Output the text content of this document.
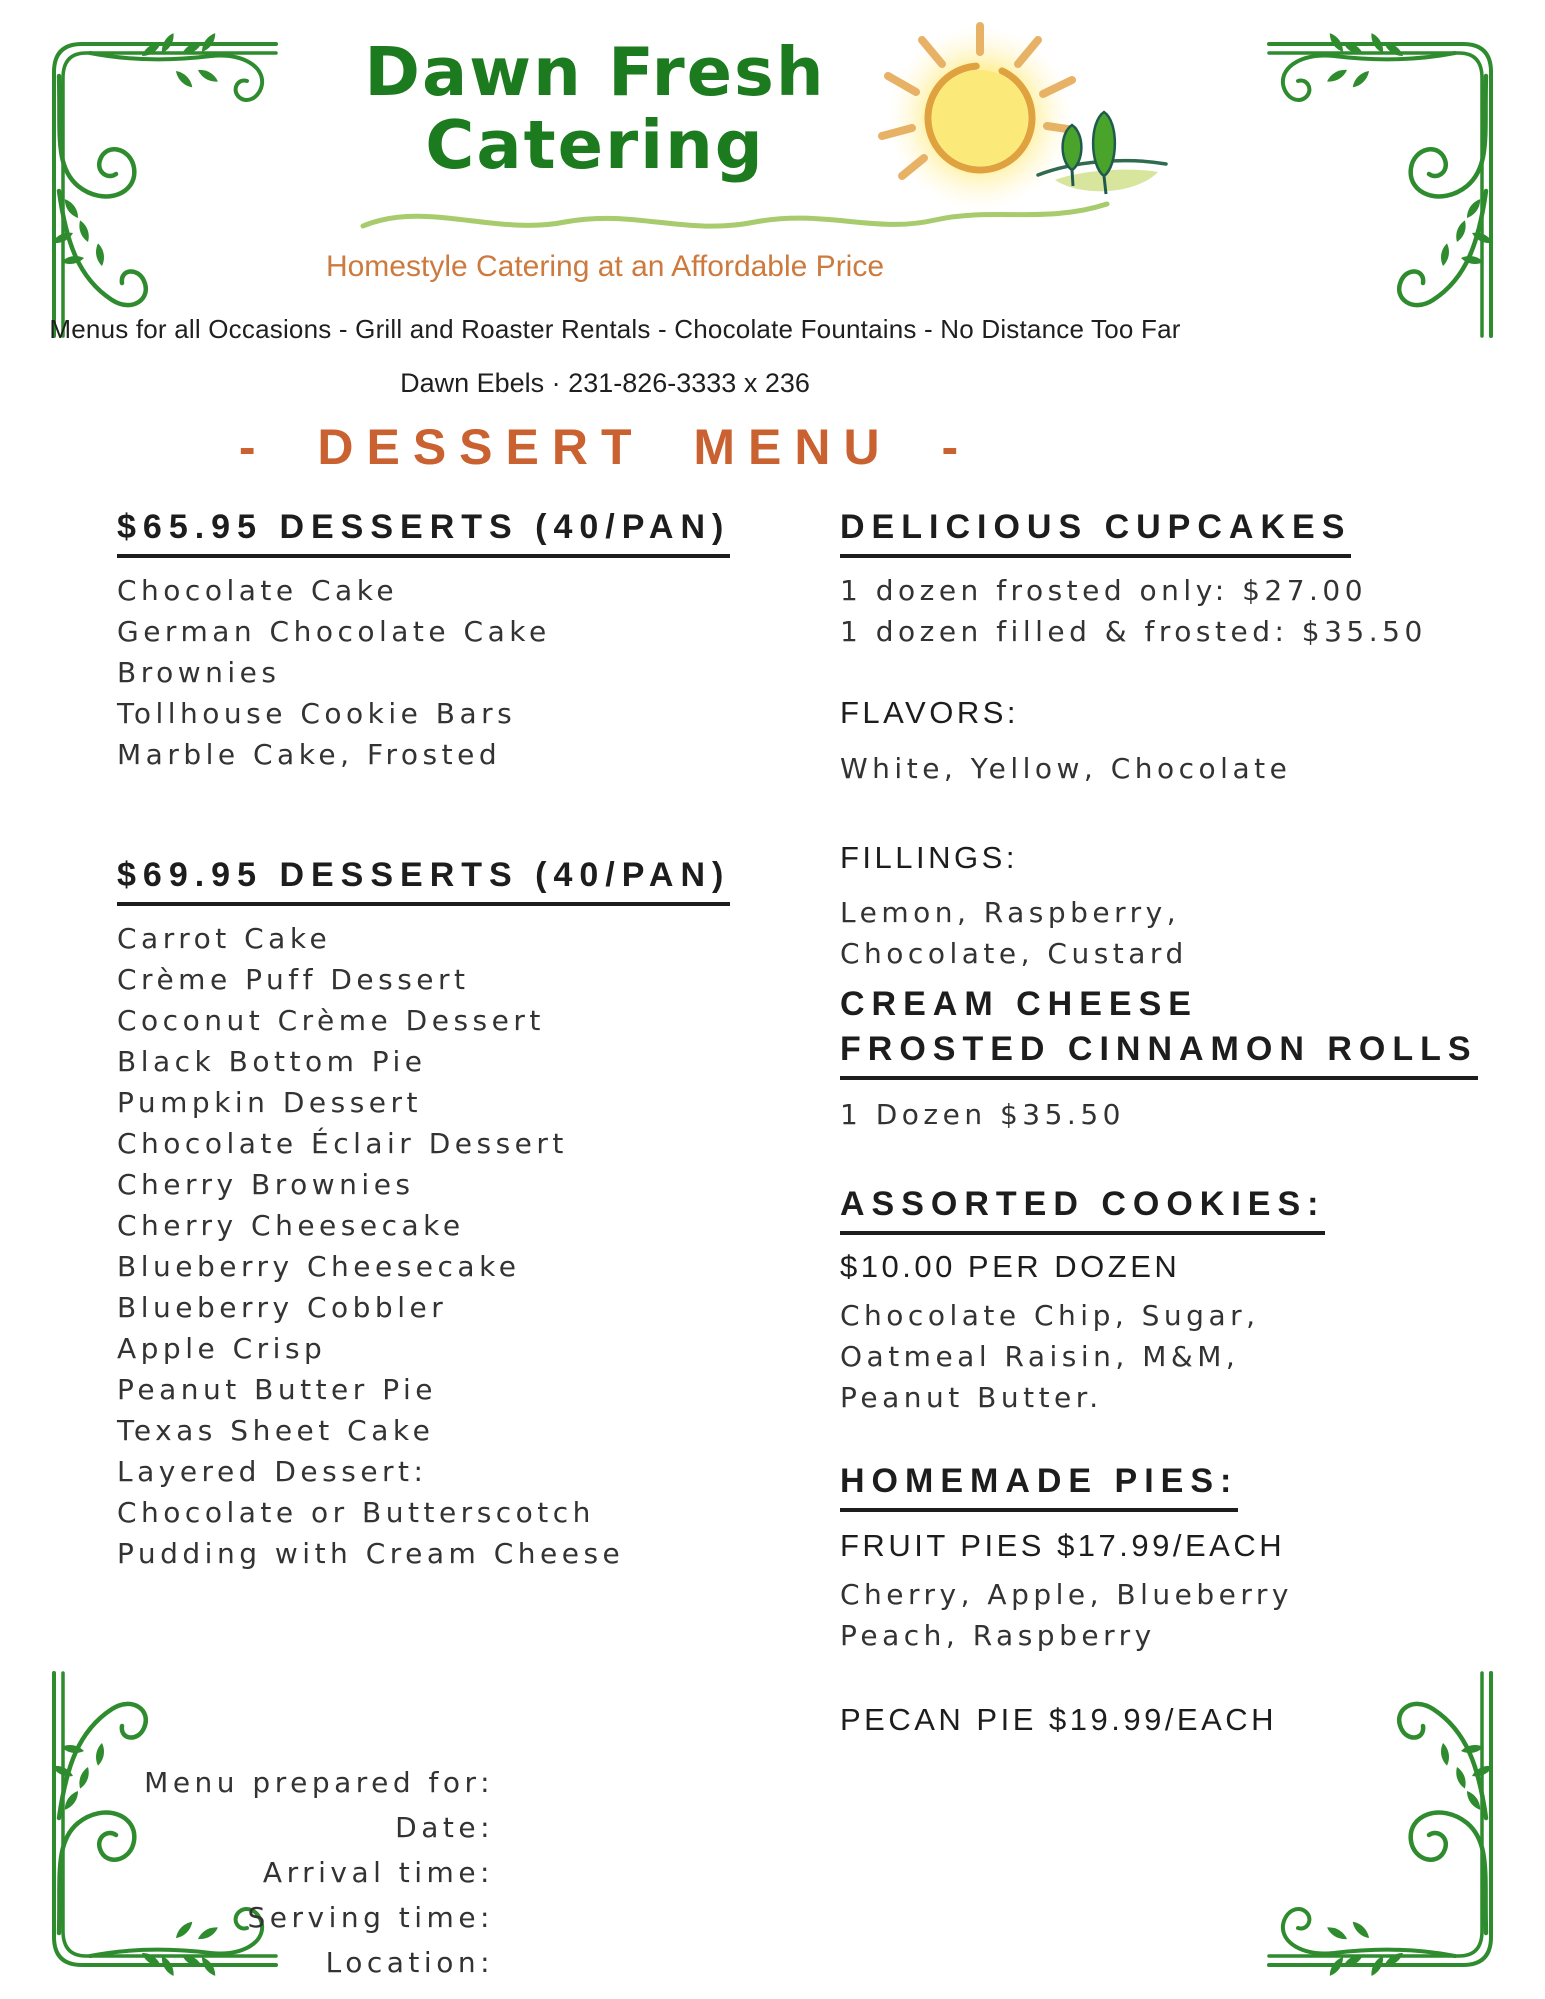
Dawn Fresh
Catering
Homestyle Catering at an Affordable Price
Menus for all Occasions - Grill and Roaster Rentals - Chocolate Fountains - No Distance Too Far
Dawn Ebels · 231-826-3333 x 236
- DESSERT MENU -
$65.95 DESSERTS (40/PAN)
Chocolate Cake
German Chocolate Cake
Brownies
Tollhouse Cookie Bars
Marble Cake, Frosted
$69.95 DESSERTS (40/PAN)
Carrot Cake
Crème Puff Dessert
Coconut Crème Dessert
Black Bottom Pie
Pumpkin Dessert
Chocolate Éclair Dessert
Cherry Brownies
Cherry Cheesecake
Blueberry Cheesecake
Blueberry Cobbler
Apple Crisp
Peanut Butter Pie
Texas Sheet Cake
Layered Dessert:
Chocolate or Butterscotch
Pudding with Cream Cheese
DELICIOUS CUPCAKES
1 dozen frosted only: $27.00
1 dozen filled & frosted: $35.50
FLAVORS:
White, Yellow, Chocolate
FILLINGS:
Lemon, Raspberry,
Chocolate, Custard
CREAM CHEESE
FROSTED CINNAMON ROLLS
1 Dozen $35.50
ASSORTED COOKIES:
$10.00 PER DOZEN
Chocolate Chip, Sugar,
Oatmeal Raisin, M&M,
Peanut Butter.
HOMEMADE PIES:
FRUIT PIES $17.99/EACH
Cherry, Apple, Blueberry
Peach, Raspberry
PECAN PIE $19.99/EACH
Menu prepared for:
Date:
Arrival time:
Serving time:
Location:
